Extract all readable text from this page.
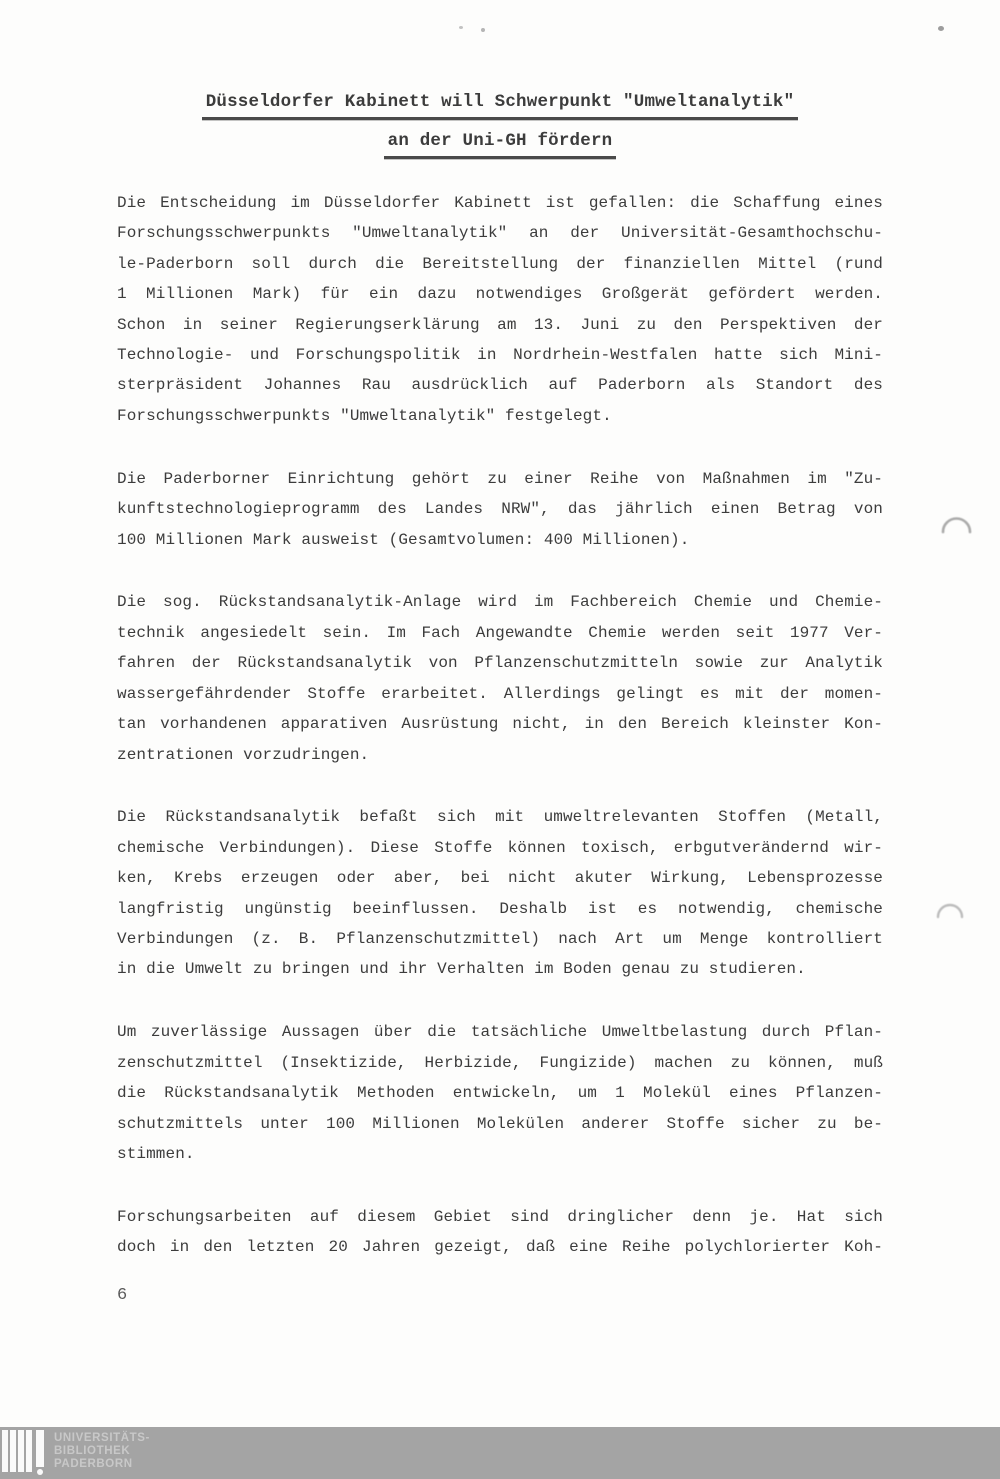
Düsseldorfer Kabinett will Schwerpunkt "Umweltanalytik"
an der Uni-GH fördern
Die Entscheidung im Düsseldorfer Kabinett ist gefallen: die Schaffung eines
Forschungsschwerpunkts "Umweltanalytik" an der Universität-Gesamthochschu-
le-Paderborn soll durch die Bereitstellung der finanziellen Mittel (rund
1 Millionen Mark) für ein dazu notwendiges Großgerät gefördert werden.
Schon in seiner Regierungserklärung am 13. Juni zu den Perspektiven der
Technologie- und Forschungspolitik in Nordrhein-Westfalen hatte sich Mini-
sterpräsident Johannes Rau ausdrücklich auf Paderborn als Standort des
Forschungsschwerpunkts "Umweltanalytik" festgelegt.
Die Paderborner Einrichtung gehört zu einer Reihe von Maßnahmen im "Zu-
kunftstechnologieprogramm des Landes NRW", das jährlich einen Betrag von
100 Millionen Mark ausweist (Gesamtvolumen: 400 Millionen).
Die sog. Rückstandsanalytik-Anlage wird im Fachbereich Chemie und Chemie-
technik angesiedelt sein. Im Fach Angewandte Chemie werden seit 1977 Ver-
fahren der Rückstandsanalytik von Pflanzenschutzmitteln sowie zur Analytik
wassergefährdender Stoffe erarbeitet. Allerdings gelingt es mit der momen-
tan vorhandenen apparativen Ausrüstung nicht, in den Bereich kleinster Kon-
zentrationen vorzudringen.
Die Rückstandsanalytik befaßt sich mit umweltrelevanten Stoffen (Metall,
chemische Verbindungen). Diese Stoffe können toxisch, erbgutverändernd wir-
ken, Krebs erzeugen oder aber, bei nicht akuter Wirkung, Lebensprozesse
langfristig ungünstig beeinflussen. Deshalb ist es notwendig, chemische
Verbindungen (z. B. Pflanzenschutzmittel) nach Art um Menge kontrolliert
in die Umwelt zu bringen und ihr Verhalten im Boden genau zu studieren.
Um zuverlässige Aussagen über die tatsächliche Umweltbelastung durch Pflan-
zenschutzmittel (Insektizide, Herbizide, Fungizide) machen zu können, muß
die Rückstandsanalytik Methoden entwickeln, um 1 Molekül eines Pflanzen-
schutzmittels unter 100 Millionen Molekülen anderer Stoffe sicher zu be-
stimmen.
Forschungsarbeiten auf diesem Gebiet sind dringlicher denn je. Hat sich
doch in den letzten 20 Jahren gezeigt, daß eine Reihe polychlorierter Koh-
6
UNIVERSITÄTS-
BIBLIOTHEK
PADERBORN
